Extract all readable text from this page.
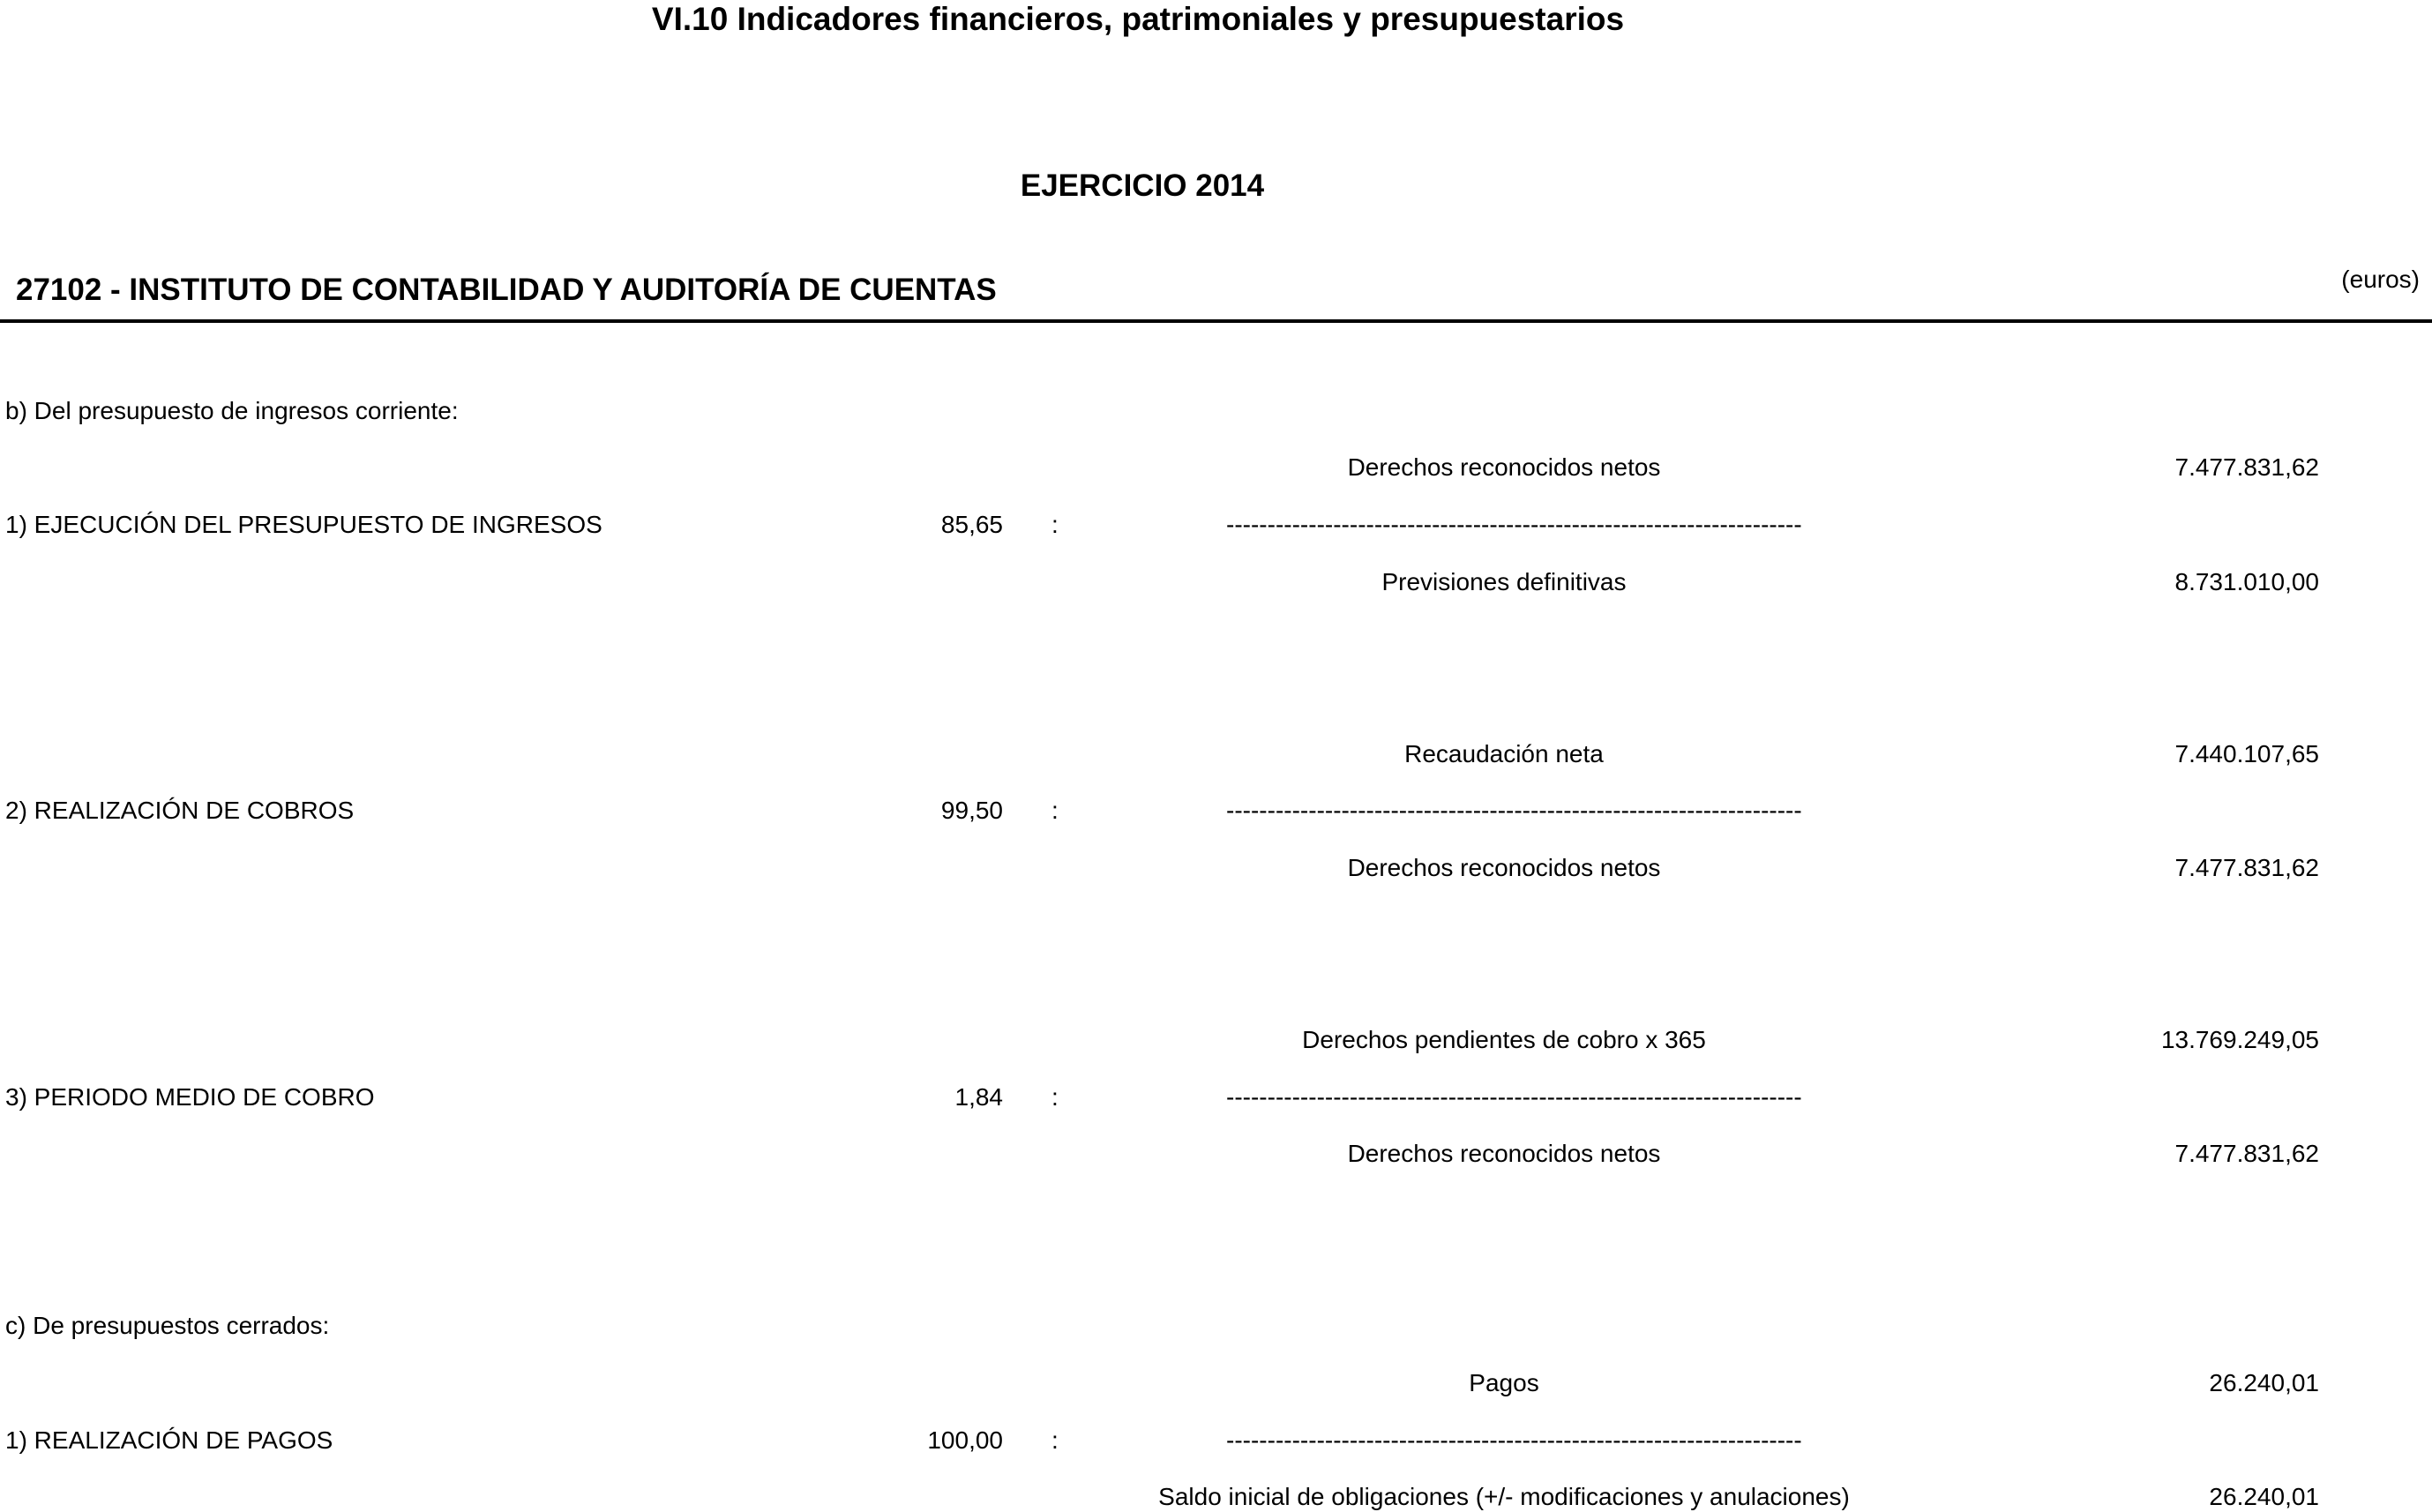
VI.10 Indicadores financieros, patrimoniales y presupuestarios
EJERCICIO 2014
27102 - INSTITUTO DE CONTABILIDAD Y AUDITORÍA DE CUENTAS	(euros)
b) Del presupuesto de ingresos corriente:
Derechos reconocidos netos	7.477.831,62
1) EJECUCIÓN DEL PRESUPUESTO DE INGRESOS	85,65 :	----------------------------------------------------------------------
Previsiones definitivas	8.731.010,00
Recaudación neta	7.440.107,65
2) REALIZACIÓN DE COBROS	99,50 :	----------------------------------------------------------------------
Derechos reconocidos netos	7.477.831,62
Derechos pendientes de cobro x 365	13.769.249,05
3) PERIODO MEDIO DE COBRO	1,84 :	----------------------------------------------------------------------
Derechos reconocidos netos	7.477.831,62
c) De presupuestos cerrados:
Pagos	26.240,01
1) REALIZACIÓN DE PAGOS	100,00 :	----------------------------------------------------------------------
Saldo inicial de obligaciones (+/- modificaciones y anulaciones)	26.240,01
